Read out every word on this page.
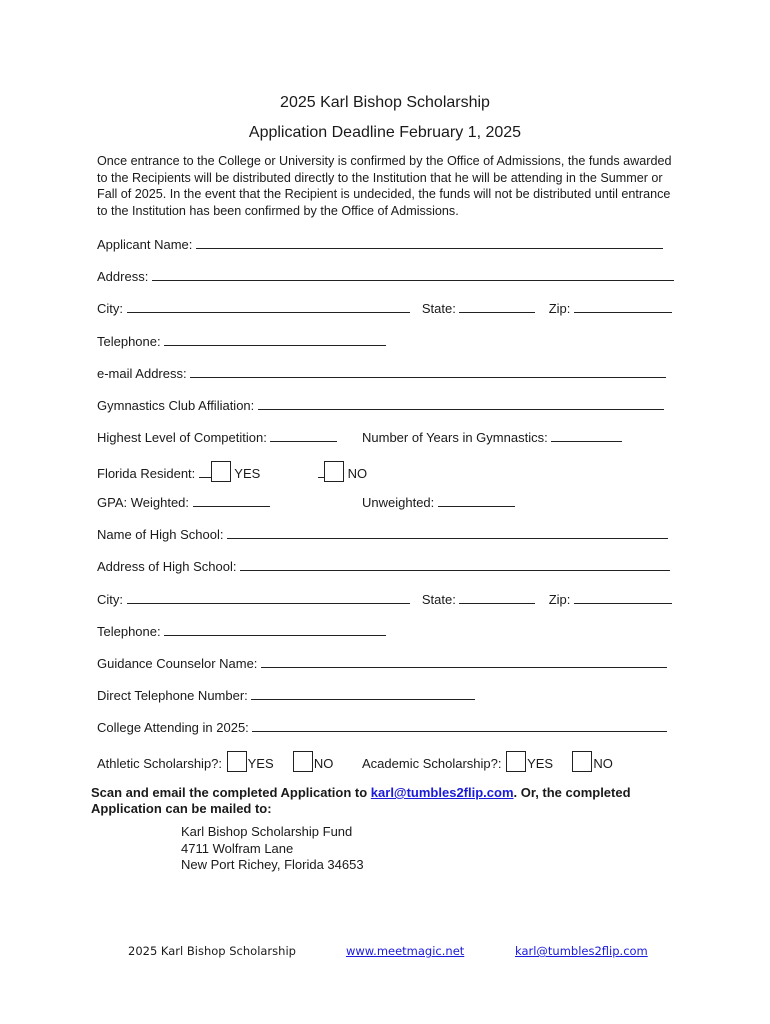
2025 Karl Bishop Scholarship
Application Deadline February 1, 2025
Once entrance to the College or University is confirmed by the Office of Admissions, the funds awarded to the Recipients will be distributed directly to the Institution that he will be attending in the Summer or Fall of 2025. In the event that the Recipient is undecided, the funds will not be distributed until entrance to the Institution has been confirmed by the Office of Admissions.
Applicant Name:
Address:
City:	State:	Zip:
Telephone:
e-mail Address:
Gymnastics Club Affiliation:
Highest Level of Competition:	Number of Years in Gymnastics:
Florida Resident:	YES	NO
GPA: Weighted:	Unweighted:
Name of High School:
Address of High School:
City:	State:	Zip:
Telephone:
Guidance Counselor Name:
Direct Telephone Number:
College Attending in 2025:
Athletic Scholarship?: YES	NO Academic Scholarship?: YES	NO
Scan and email the completed Application to karl@tumbles2flip.com. Or, the completed
Application can be mailed to:
Karl Bishop Scholarship Fund
4711 Wolfram Lane
New Port Richey, Florida 34653
2025 Karl Bishop Scholarship	www.meetmagic.net	karl@tumbles2flip.com
